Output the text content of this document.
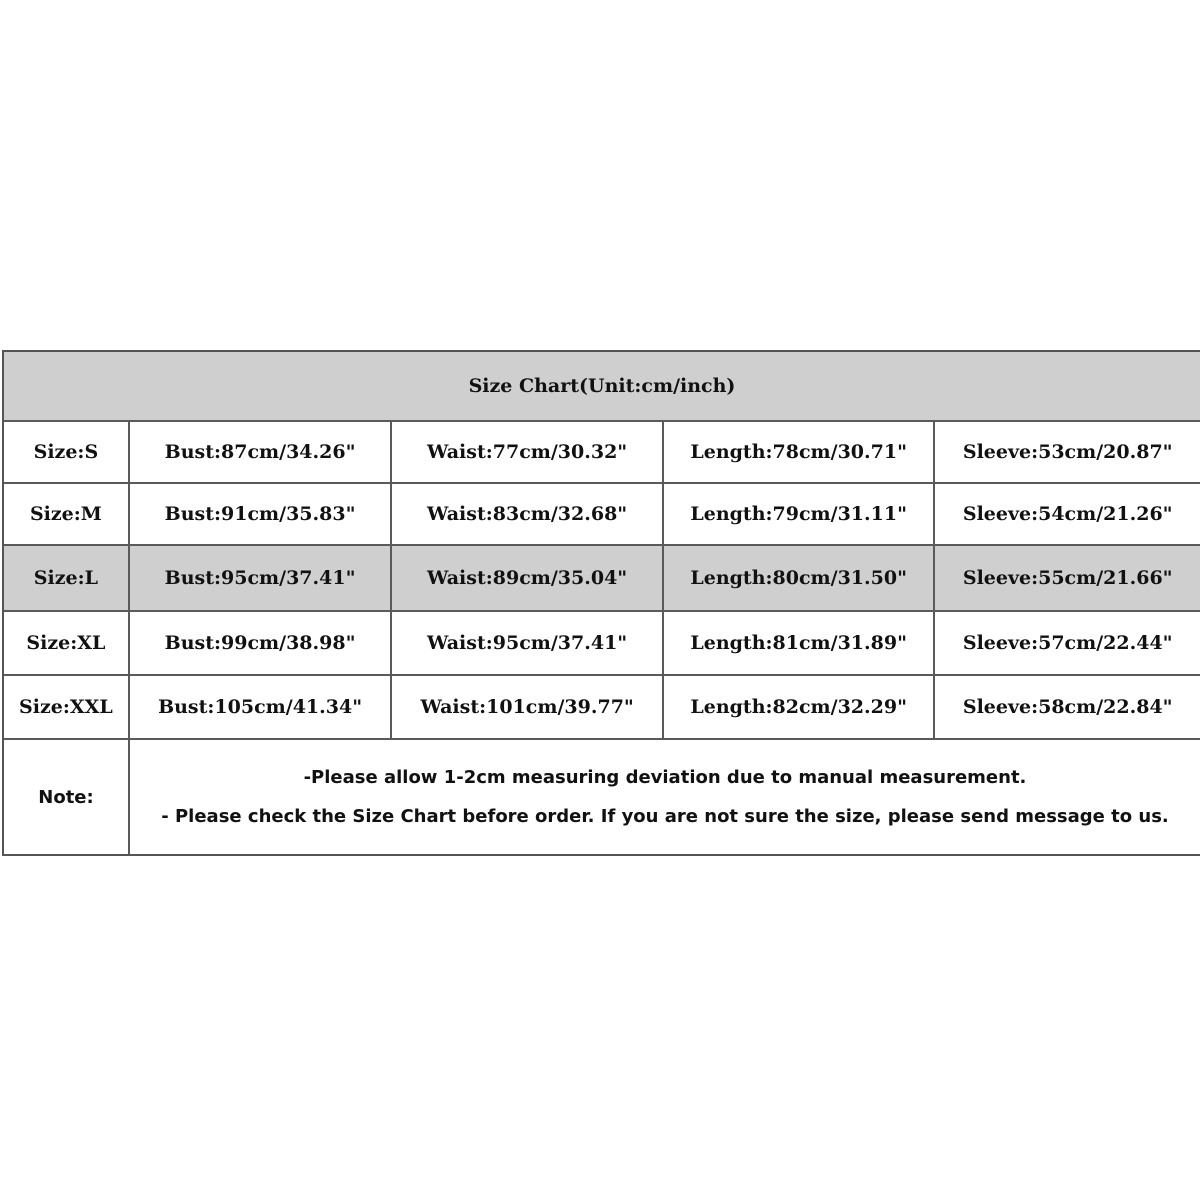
Size Chart(Unit:cm/inch)
Size:S	Bust:87cm/34.26"	Waist:77cm/30.32"	Length:78cm/30.71"	Sleeve:53cm/20.87"
Size:M	Bust:91cm/35.83"	Waist:83cm/32.68"	Length:79cm/31.11"	Sleeve:54cm/21.26"
Size:L	Bust:95cm/37.41"	Waist:89cm/35.04"	Length:80cm/31.50"	Sleeve:55cm/21.66"
Size:XL	Bust:99cm/38.98"	Waist:95cm/37.41"	Length:81cm/31.89"	Sleeve:57cm/22.44"
Size:XXL	Bust:105cm/41.34"	Waist:101cm/39.77"	Length:82cm/32.29"	Sleeve:58cm/22.84"
Note:
-Please allow 1-2cm measuring deviation due to manual measurement.
- Please check the Size Chart before order. If you are not sure the size, please send message to us.
